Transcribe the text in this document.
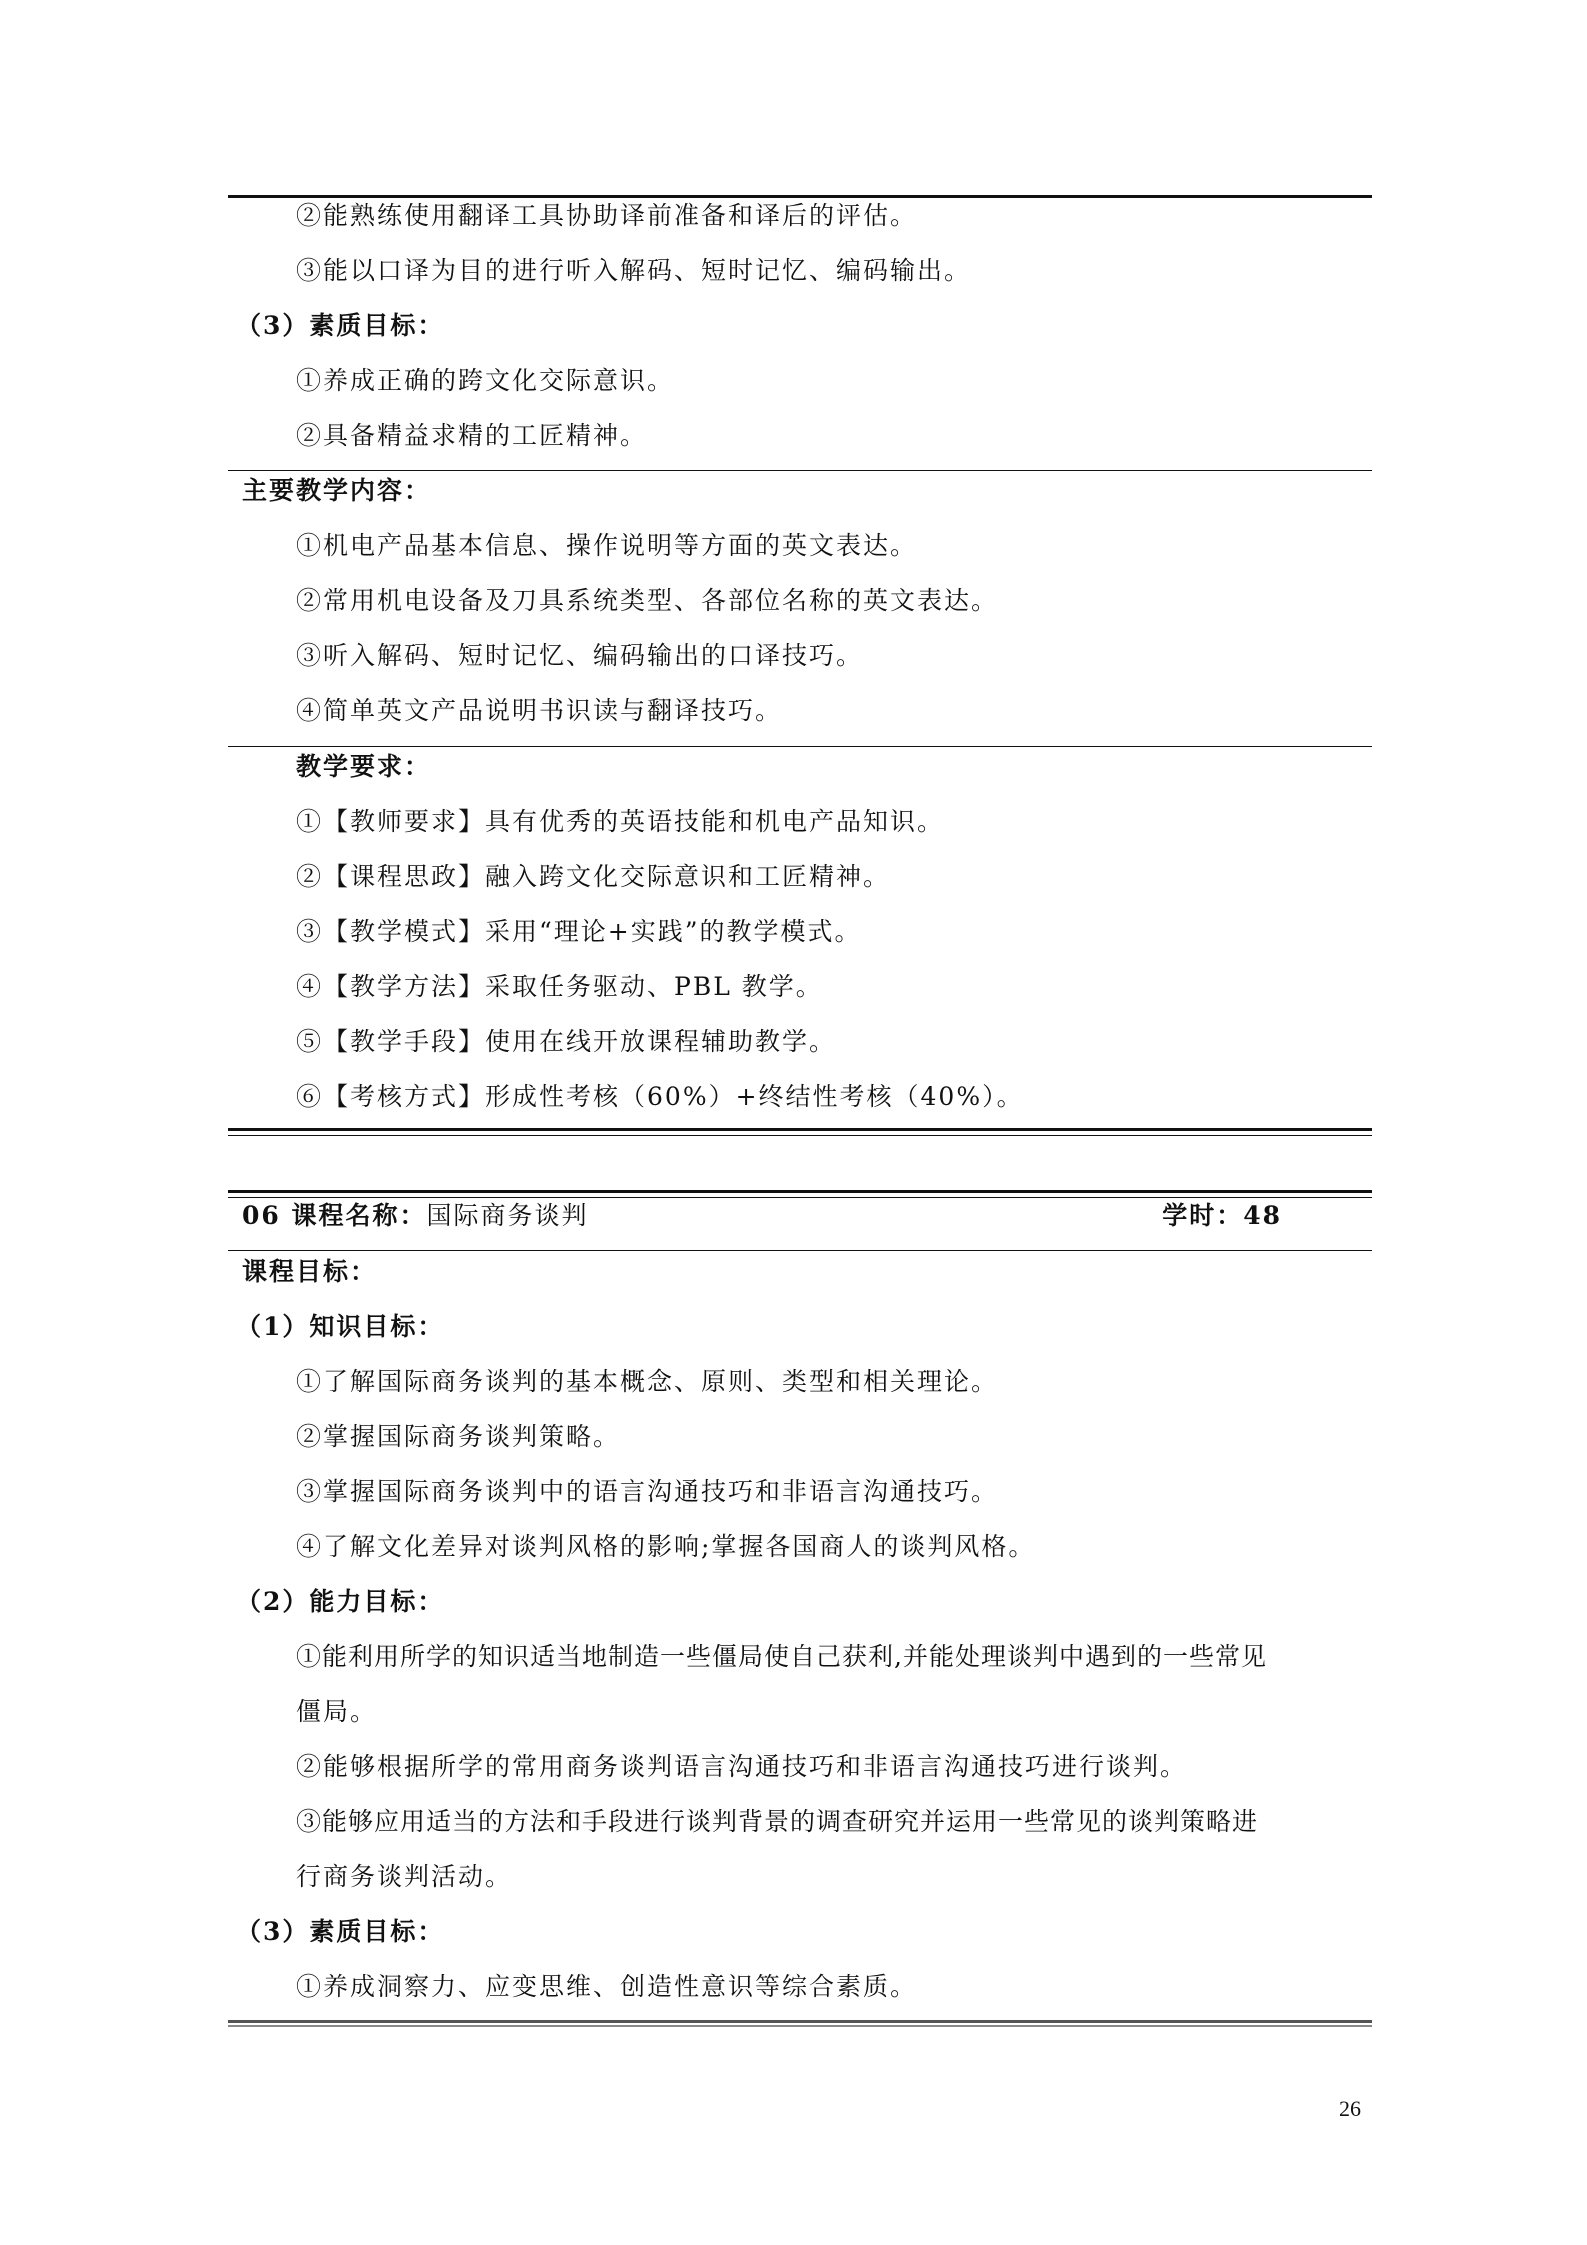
②能熟练使用翻译工具协助译前准备和译后的评估。
③能以口译为目的进行听入解码、短时记忆、编码输出。
（3）素质目标：
①养成正确的跨文化交际意识。
②具备精益求精的工匠精神。
主要教学内容：
①机电产品基本信息、操作说明等方面的英文表达。
②常用机电设备及刀具系统类型、各部位名称的英文表达。
③听入解码、短时记忆、编码输出的口译技巧。
④简单英文产品说明书识读与翻译技巧。
教学要求：
①【教师要求】具有优秀的英语技能和机电产品知识。
②【课程思政】融入跨文化交际意识和工匠精神。
③【教学模式】采用“理论+实践”的教学模式。
④【教学方法】采取任务驱动、PBL 教学。
⑤【教学手段】使用在线开放课程辅助教学。
⑥【考核方式】形成性考核（60%）+终结性考核（40%）。
06 课程名称：国际商务谈判	学时：48
课程目标：
（1）知识目标：
①了解国际商务谈判的基本概念、原则、类型和相关理论。
②掌握国际商务谈判策略。
③掌握国际商务谈判中的语言沟通技巧和非语言沟通技巧。
④了解文化差异对谈判风格的影响;掌握各国商人的谈判风格。
（2）能力目标：
①能利用所学的知识适当地制造一些僵局使自己获利,并能处理谈判中遇到的一些常见
僵局。
②能够根据所学的常用商务谈判语言沟通技巧和非语言沟通技巧进行谈判。
③能够应用适当的方法和手段进行谈判背景的调查研究并运用一些常见的谈判策略进
行商务谈判活动。
（3）素质目标：
①养成洞察力、应变思维、创造性意识等综合素质。
26
